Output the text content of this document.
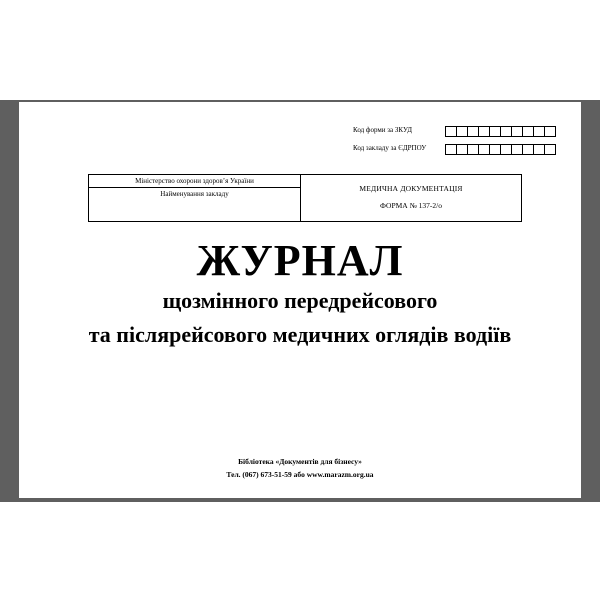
Код форми за ЗКУД
Код закладу за ЄДРПОУ
Міністерство охорони здоров’я України
Найменування закладу
МЕДИЧНА ДОКУМЕНТАЦІЯ
ФОРМА № 137-2/о
ЖУРНАЛ
щозмінного передрейсового
та післярейсового медичних оглядів водіїв
Бібліотека «Документів для бізнесу»
Тел. (067) 673-51-59 або www.marazm.org.ua
